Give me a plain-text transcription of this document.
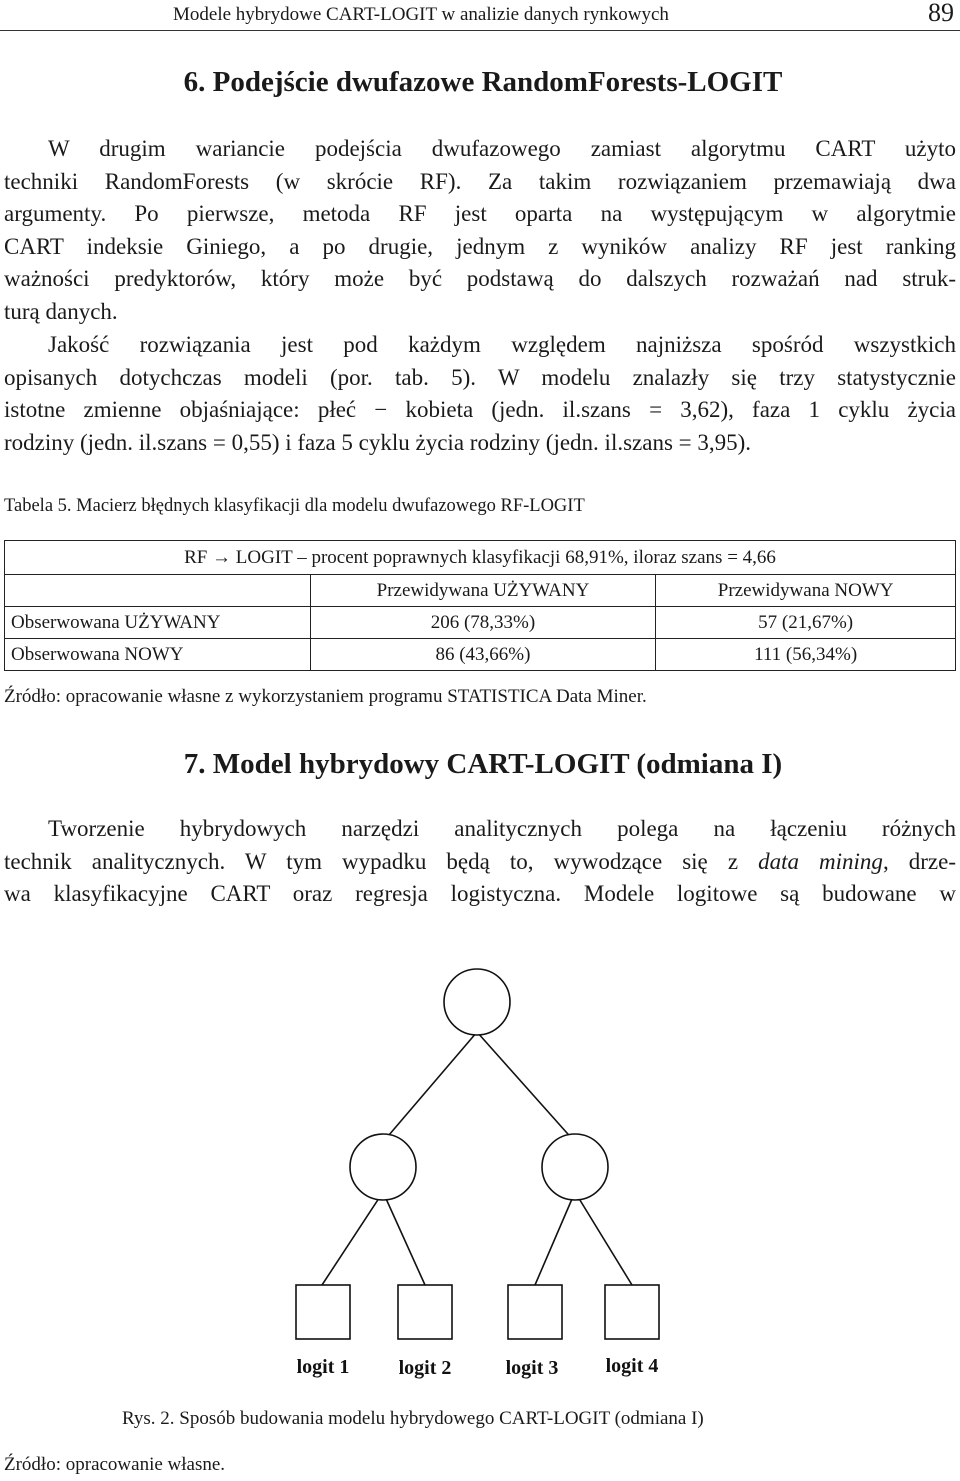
Modele hybrydowe CART-LOGIT w analizie danych rynkowych	89
6. Podejście dwufazowe RandomForests-LOGIT
W drugim wariancie podejścia dwufazowego zamiast algorytmu CART użyto
techniki RandomForests (w skrócie RF). Za takim rozwiązaniem przemawiają dwa
argumenty. Po pierwsze, metoda RF jest oparta na występującym w algorytmie
CART indeksie Giniego, a po drugie, jednym z wyników analizy RF jest ranking
ważności predyktorów, który może być podstawą do dalszych rozważań nad struk-
turą danych.
Jakość rozwiązania jest pod każdym względem najniższa spośród wszystkich
opisanych dotychczas modeli (por. tab. 5). W modelu znalazły się trzy statystycznie
istotne zmienne objaśniające: płeć − kobieta (jedn. il.szans = 3,62), faza 1 cyklu życia
rodziny (jedn. il.szans = 0,55) i faza 5 cyklu życia rodziny (jedn. il.szans = 3,95).
Tabela 5. Macierz błędnych klasyfikacji dla modelu dwufazowego RF-LOGIT
RF → LOGIT – procent poprawnych klasyfikacji 68,91%, iloraz szans = 4,66		
	Przewidywana UŻYWANY	Przewidywana NOWY
Obserwowana UŻYWANY	206 (78,33%)	57 (21,67%)
Obserwowana NOWY	86 (43,66%)	111 (56,34%)
Źródło: opracowanie własne z wykorzystaniem programu STATISTICA Data Miner.
7. Model hybrydowy CART-LOGIT (odmiana I)
Tworzenie hybrydowych narzędzi analitycznych polega na łączeniu różnych
technik analitycznych. W tym wypadku będą to, wywodzące się z data mining, drze-
wa klasyfikacyjne CART oraz regresja logistyczna. Modele logitowe są budowane w
logit 1 logit 2	logit 3 logit 4
Rys. 2. Sposób budowania modelu hybrydowego CART-LOGIT (odmiana I)
Źródło: opracowanie własne.
